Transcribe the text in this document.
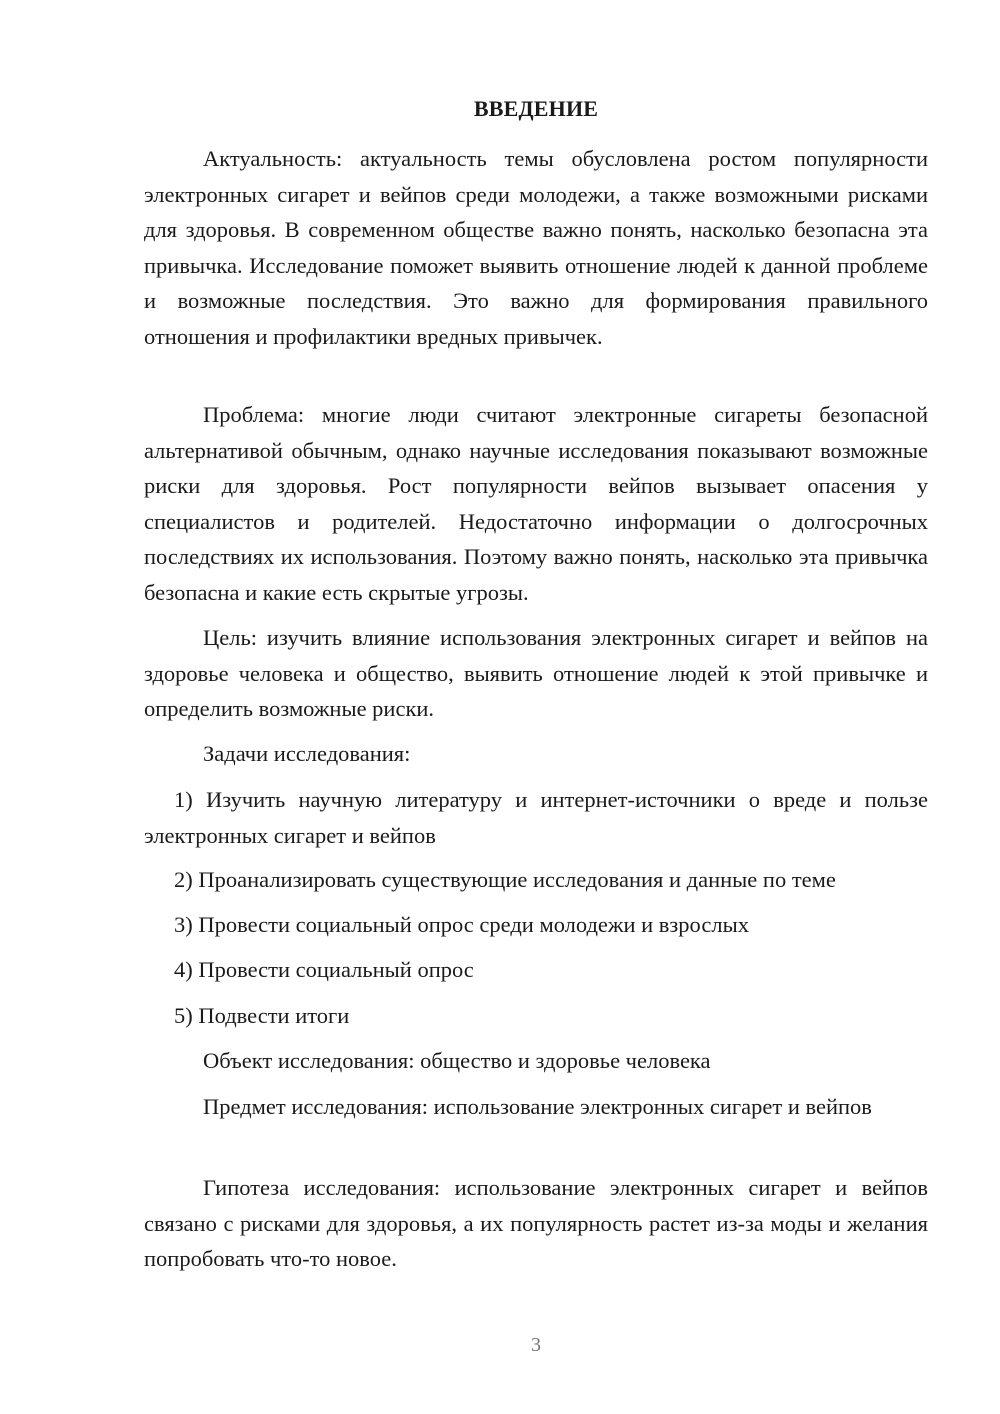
ВВЕДЕНИЕ

Актуальность: актуальность темы обусловлена ростом популярности электронных сигарет и вейпов среди молодежи, а также возможными рисками для здоровья. В современном обществе важно понять, насколько безопасна эта привычка. Исследование поможет выявить отношение людей к данной проблеме и возможные последствия. Это важно для формирования правильного отношения и профилактики вредных привычек.

Проблема: многие люди считают электронные сигареты безопасной альтернативой обычным, однако научные исследования показывают возможные риски для здоровья. Рост популярности вейпов вызывает опасения у специалистов и родителей. Недостаточно информации о долгосрочных последствиях их использования. Поэтому важно понять, насколько эта привычка безопасна и какие есть скрытые угрозы.

Цель: изучить влияние использования электронных сигарет и вейпов на здоровье человека и общество, выявить отношение людей к этой привычке и определить возможные риски.

Задачи исследования:

1) Изучить научную литературу и интернет-источники о вреде и пользе электронных сигарет и вейпов

2) Проанализировать существующие исследования и данные по теме

3) Провести социальный опрос среди молодежи и взрослых

4) Провести социальный опрос

5) Подвести итоги

Объект исследования: общество и здоровье человека

Предмет исследования: использование электронных сигарет и вейпов

Гипотеза исследования: использование электронных сигарет и вейпов связано с рисками для здоровья, а их популярность растет из-за моды и желания попробовать что-то новое.

3
